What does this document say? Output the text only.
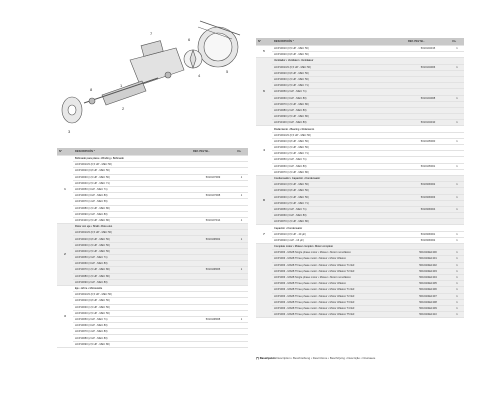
1
2
3
4
5
6
7
8
Nº	DESCRIPCIÓN *	REF. PEV NL.	Un.
1	Bobinado para placa • Winding • Bobinado		
	HCP10010/3 (0,5 HP - MEC 56)		
	HCP10020 (0,8 HP - MEC 56)		
	HCP10030 (1,5 HP - MEC 56)	5010107009	1
	HCP10040 (2,5 HP - MEC 71)		
	HCP10050 (3 HP - MEC 71)		
	HCP10060 (3 HP - MEC 80)	5010107008	1
	HCP10070 (1 HP - MEC 56)		
	HCP10080 (1,5 HP - MEC 80)		
	HCP10090 (2 HP - MEC 80)		
	HCP10100 (2,5 HP - MEC 80)	5010107014	1
2	Rotor con eje • Shaft • Roto eixo		
	HCP10010/3 (0,5 HP - MEC 56)		
	HCP10020 (0,8 HP - MEC 56)	5010108002	1
	HCP10030 (1,5 HP - MEC 56)		
	HCP10040 (2,5 HP - MEC 56)		
	HCP10050 (2 HP - MEC 71)		
	HCP10060 (3 HP - MEC 80)		
	HCP10070 (1,5 HP - MEC 80)	5010108005	1
	HCP10080 (1,5 HP - MEC 80)		
	HCP10090 (2 HP - MEC 80)		
3	Eje • Arbre • Motorwelle		
	HCP10010/3 (0,5 HP - MEC 56)		
	HCP10020 (0,8 HP - MEC 56)		
	HCP10030 (1,5 HP - MEC 56)		
	HCP10040 (2,5 HP - MEC 56)		
	HCP10050 (2 HP - MEC 71)	5010108008	1
	HCP10060 (3 HP - MEC 80)		
	HCP10070 (1 HP - MEC 80)		
	HCP10080 (2 HP - MEC 80)		
	HCP10090 (2,5 HP - MEC 80)		
Nº	DESCRIPCIÓN *	REF. PEV NL.	Un.
5	HCP10010 (0,5 HP - MEC 56)	5010104015	1
	HCP10020 (0,8 HP - MEC 56)		
6	Ventilador • Ventilator • Ventilateur		
	HCP10010/3 (0,5 HP - MEC 56)	5010104006	1
	HCP10020 (0,8 HP - MEC 56)		
	HCP10030 (1,5 HP - MEC 56)		
	HCP10040 (2,5 HP - MEC 71)		
	HCP10050 (2 HP - MEC 71)		
	HCP10060 (3 HP - MEC 80)	5010104008	1
	HCP10070 (1,5 HP - MEC 80)		
	HCP10080 (2 HP - MEC 80)		
	HCP10090 (2,5 HP - MEC 80)		
	HCP10100 (3 HP - MEC 80)	5010104010	1
4	Rodamiento • Bearing • Rolamento		
	HCP10010/3 (0,5 HP - MEC 56)		
	HCP10020 (0,8 HP - MEC 56)	5010105000	1
	HCP10030 (1,5 HP - MEC 56)		
	HCP10040 (2,5 HP - MEC 71)		
	HCP10050 (2 HP - MEC 71)		
	HCP10060 (3 HP - MEC 80)	5010105001	1
	HCP10070 (1,5 HP - MEC 80)		
8	Condensador • Capacitor • Kondensator		
	HCP10010 (0,5 HP - MEC 56)	5010306002	1
	HCP10020 (0,8 HP - MEC 56)		
	HCP10030 (1,5 HP - MEC 56)	5010306003	1
	HCP10040 (2,5 HP - MEC 71)		
	HCP10050 (2 HP - MEC 71)	5010306004	1
	HCP10060 (3 HP - MEC 80)		
	HCP10070 (1,5 HP - MEC 80)		
7	Capacitor • Kondensator		
	HCP10010 (0,5 HP - 40 μF)	5010306001	1
	HCP10020 (1 HP - 16 μF)	5010306002	1
	Complete motor • Moteur complet • Motor completo		
	HCP1003 - MA08 Single phase motor • Moteur • Motor monofásico	5010404E1300	1
	HCP1003 - MA08 Three phase motor • Moteur • Motor trifásico	5010404E1301	1
	HCP1003 - MA08 Three phase motor • Moteur • Motor trifásico T1 IE3	5010404E1302	1
	HCP1003 - MA08 Three phase motor • Moteur • Motor trifásico T2 IE3	5010404E1303	1
	HCP1003 - MA08 Single phase motor • Moteur • Motor monofásico	5010404E1304	1
	HCP1003 - MA08 Three phase motor • Moteur • Motor trifásico	5010404E1305	1
	HCP1003 - MA08 Three phase motor • Moteur • Motor trifásico T1 IE3	5010404E1306	1
	HCP1003 - MA08 Three phase motor • Moteur • Motor trifásico T2 IE3	5010404E1307	1
	HCP1003 - MA08 Three phase motor • Moteur • Motor trifásico T3 IE3	5010404E1308	1
	HCP1003 - MA08 Three phase motor • Moteur • Motor trifásico T4 IE3	5010404E1309	1
	HCP1003 - MA08 Three phase motor • Moteur • Motor trifásico T5 IE3	5010404E1310	1
(*) Descripción Description • Beschreibung • Descrizione • Beschrijving • Descrição • Описание
